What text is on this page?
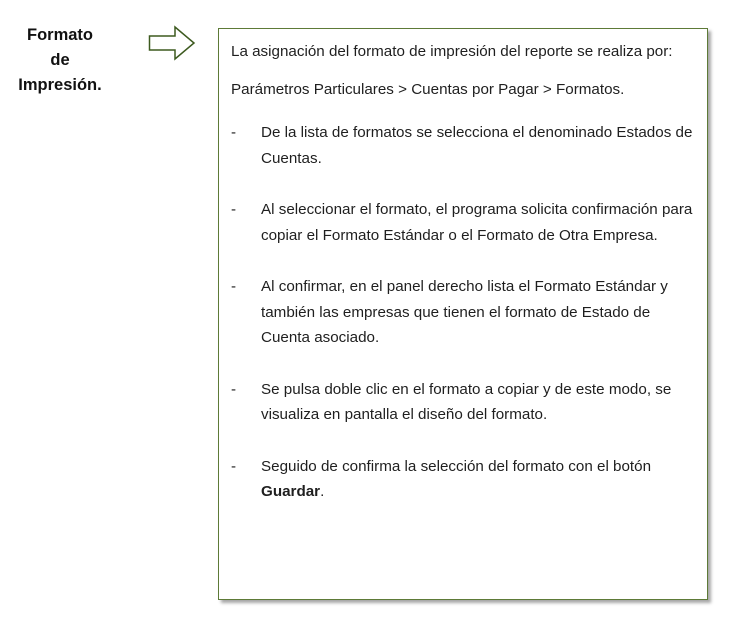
Formato
de
Impresión.

La asignación del formato de impresión del reporte se realiza por:

Parámetros Particulares > Cuentas por Pagar > Formatos.

-	De la lista de formatos se selecciona el denominado Estados de Cuentas.
-	Al seleccionar el formato, el programa solicita confirmación para copiar el Formato Estándar o el Formato de Otra Empresa.
-	Al confirmar, en el panel derecho lista el Formato Estándar y también las empresas que tienen el formato de Estado de Cuenta asociado.
-	Se pulsa doble clic en el formato a copiar y de este modo, se visualiza en pantalla el diseño del formato.
-	Seguido de confirma la selección del formato con el botón Guardar.
